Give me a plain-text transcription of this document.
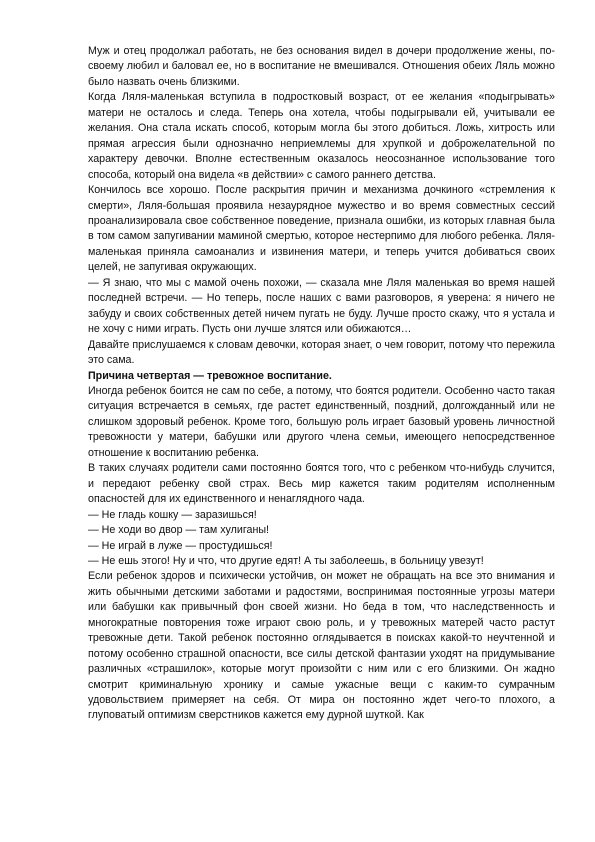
Муж и отец продолжал работать, не без основания видел в дочери продолжение жены, по-своему любил и баловал ее, но в воспитание не вмешивался. Отношения обеих Ляль можно было назвать очень близкими.

Когда Ляля-маленькая вступила в подростковый возраст, от ее желания «подыгрывать» матери не осталось и следа. Теперь она хотела, чтобы подыгрывали ей, учитывали ее желания. Она стала искать способ, которым могла бы этого добиться. Ложь, хитрость или прямая агрессия были однозначно неприемлемы для хрупкой и доброжелательной по характеру девочки. Вполне естественным оказалось неосознанное использование того способа, который она видела «в действии» с самого раннего детства.

Кончилось все хорошо. После раскрытия причин и механизма дочкиного «стремления к смерти», Ляля-большая проявила незаурядное мужество и во время совместных сессий проанализировала свое собственное поведение, признала ошибки, из которых главная была в том самом запугивании маминой смертью, которое нестерпимо для любого ребенка. Ляля-маленькая приняла самоанализ и извинения матери, и теперь учится добиваться своих целей, не запугивая окружающих.

— Я знаю, что мы с мамой очень похожи, — сказала мне Ляля маленькая во время нашей последней встречи. — Но теперь, после наших с вами разговоров, я уверена: я ничего не забуду и своих собственных детей ничем пугать не буду. Лучше просто скажу, что я устала и не хочу с ними играть. Пусть они лучше злятся или обижаются…

Давайте прислушаемся к словам девочки, которая знает, о чем говорит, потому что пережила это сама.

Причина четвертая — тревожное воспитание.

Иногда ребенок боится не сам по себе, а потому, что боятся родители. Особенно часто такая ситуация встречается в семьях, где растет единственный, поздний, долгожданный или не слишком здоровый ребенок. Кроме того, большую роль играет базовый уровень личностной тревожности у матери, бабушки или другого члена семьи, имеющего непосредственное отношение к воспитанию ребенка.

В таких случаях родители сами постоянно боятся того, что с ребенком что-нибудь случится, и передают ребенку свой страх. Весь мир кажется таким родителям исполненным опасностей для их единственного и ненаглядного чада.

— Не гладь кошку — заразишься!

— Не ходи во двор — там хулиганы!

— Не играй в луже — простудишься!

— Не ешь этого! Ну и что, что другие едят! А ты заболеешь, в больницу увезут!

Если ребенок здоров и психически устойчив, он может не обращать на все это внимания и жить обычными детскими заботами и радостями, воспринимая постоянные угрозы матери или бабушки как привычный фон своей жизни. Но беда в том, что наследственность и многократные повторения тоже играют свою роль, и у тревожных матерей часто растут тревожные дети. Такой ребенок постоянно оглядывается в поисках какой-то неучтенной и потому особенно страшной опасности, все силы детской фантазии уходят на придумывание различных «страшилок», которые могут произойти с ним или с его близкими. Он жадно смотрит криминальную хронику и самые ужасные вещи с каким-то сумрачным удовольствием примеряет на себя. От мира он постоянно ждет чего-то плохого, а глуповатый оптимизм сверстников кажется ему дурной шуткой. Как
